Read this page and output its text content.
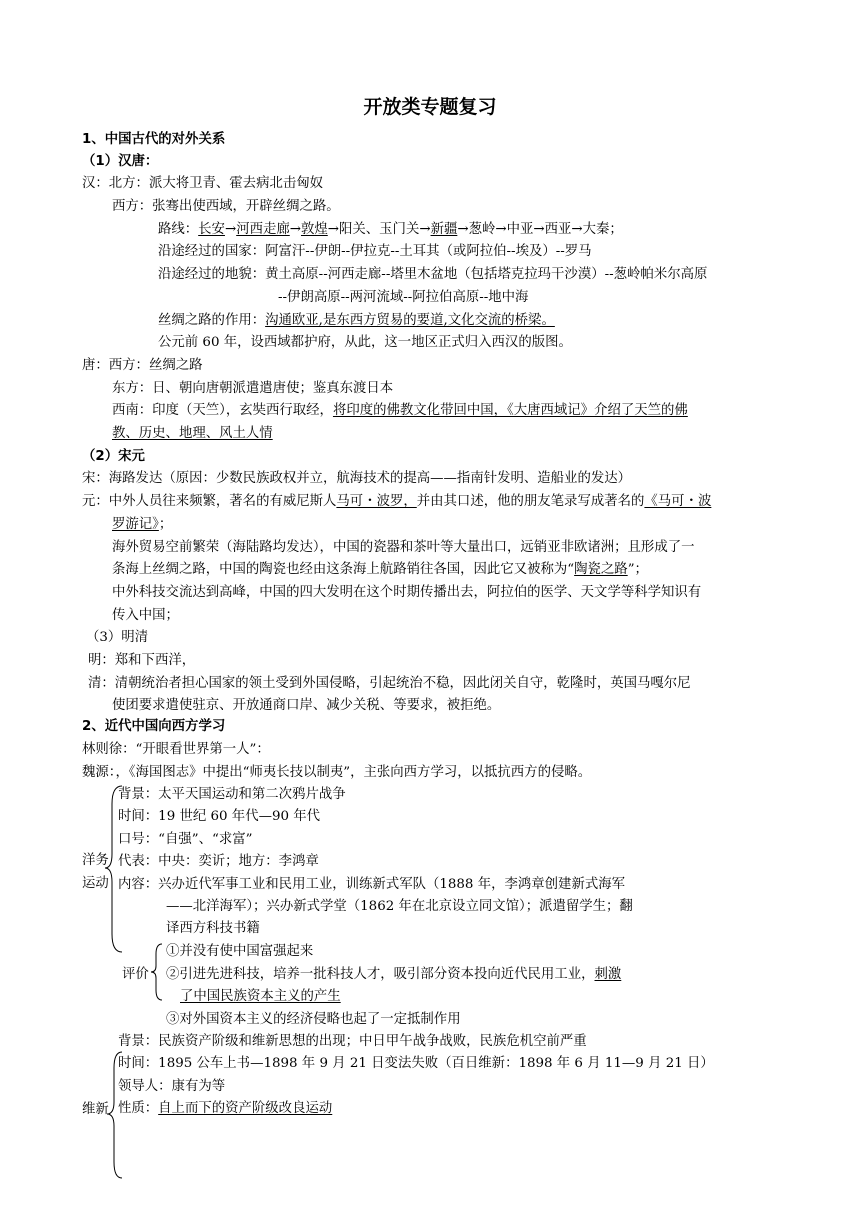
开放类专题复习
1、中国古代的对外关系
（1）汉唐：
汉：北方：派大将卫青、霍去病北击匈奴
西方：张骞出使西域，开辟丝绸之路。
路线：长安→河西走廊→敦煌→阳关、玉门关→新疆→葱岭→中亚→西亚→大秦；
沿途经过的国家：阿富汗--伊朗--伊拉克--土耳其（或阿拉伯--埃及）--罗马
沿途经过的地貌：黄土高原--河西走廊--塔里木盆地（包括塔克拉玛干沙漠）--葱岭帕米尔高原
--伊朗高原--两河流域--阿拉伯高原--地中海
丝绸之路的作用：沟通欧亚,是东西方贸易的要道,文化交流的桥梁。
公元前 60 年，设西域都护府，从此，这一地区正式归入西汉的版图。
唐：西方：丝绸之路
东方：日、朝向唐朝派遣遣唐使；鉴真东渡日本
西南：印度（天竺），玄奘西行取经，将印度的佛教文化带回中国，《大唐西域记》介绍了天竺的佛
教、历史、地理、风土人情
（2）宋元
宋：海路发达（原因：少数民族政权并立，航海技术的提高——指南针发明、造船业的发达）
元：中外人员往来频繁，著名的有威尼斯人马可・波罗，并由其口述，他的朋友笔录写成著名的《马可・波
罗游记》；
海外贸易空前繁荣（海陆路均发达），中国的瓷器和茶叶等大量出口，远销亚非欧诸洲；且形成了一
条海上丝绸之路，中国的陶瓷也经由这条海上航路销往各国，因此它又被称为“陶瓷之路”；
中外科技交流达到高峰，中国的四大发明在这个时期传播出去，阿拉伯的医学、天文学等科学知识有
传入中国；
（3）明清
明：郑和下西洋，
清：清朝统治者担心国家的领土受到外国侵略，引起统治不稳，因此闭关自守，乾隆时，英国马嘎尔尼
使团要求遣使驻京、开放通商口岸、减少关税、等要求，被拒绝。
2、近代中国向西方学习
林则徐：“开眼看世界第一人”：
魏源：，《海国图志》中提出“师夷长技以制夷”，主张向西方学习，以抵抗西方的侵略。
洋务
运动
背景：太平天国运动和第二次鸦片战争
时间：19 世纪 60 年代—90 年代
口号：“自强”、“求富”
代表：中央：奕䜣；地方：李鸿章
内容：兴办近代军事工业和民用工业，训练新式军队（1888 年，李鸿章创建新式海军
——北洋海军）；兴办新式学堂（1862 年在北京设立同文馆）；派遣留学生；翻
译西方科技书籍
评价
①并没有使中国富强起来
②引进先进科技，培养一批科技人才，吸引部分资本投向近代民用工业，刺激
了中国民族资本主义的产生
③对外国资本主义的经济侵略也起了一定抵制作用
背景：民族资产阶级和维新思想的出现；中日甲午战争战败，民族危机空前严重
维新
时间：1895 公车上书—1898 年 9 月 21 日变法失败（百日维新：1898 年 6 月 11—9 月 21 日）
领导人：康有为等
性质：自上而下的资产阶级改良运动
